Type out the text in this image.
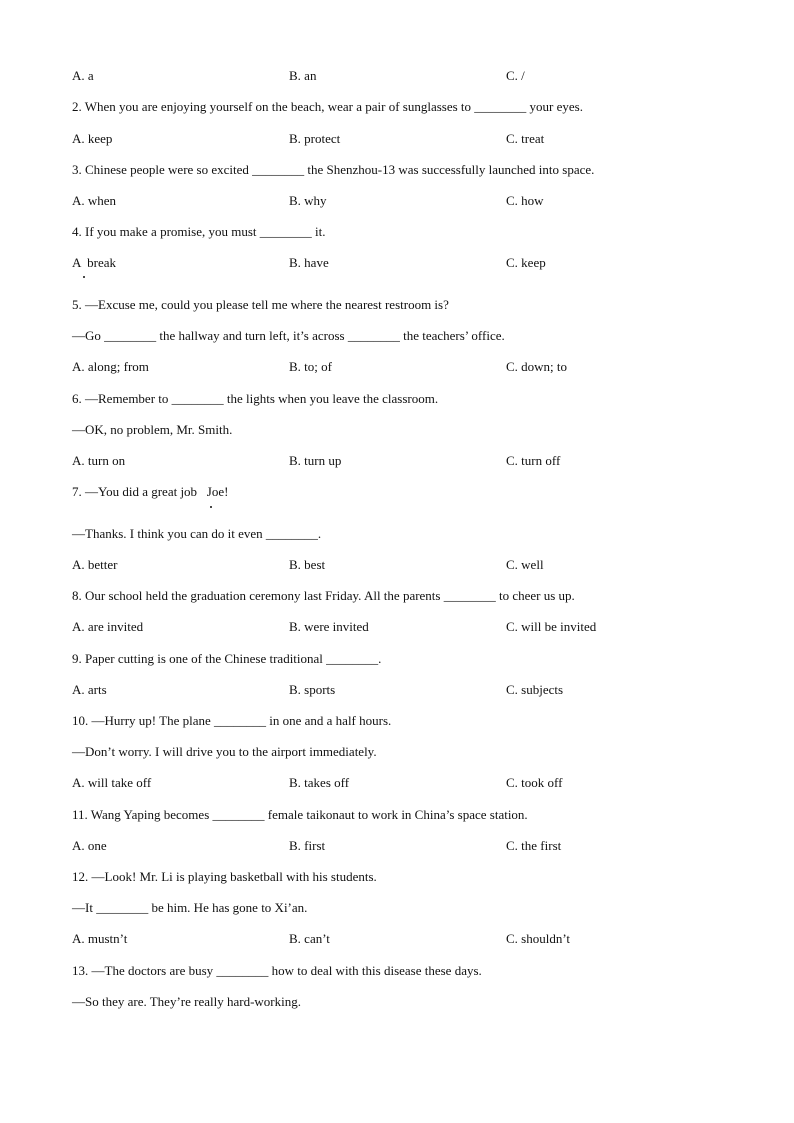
A. a

	B. an

	C. /

2. When you are enjoying yourself on the beach, wear a pair of sunglasses to ________ your eyes.

A. keep

	B. protect

	C. treat

3. Chinese people were so excited ________ the Shenzhou-13 was successfully launched into space.

A. when

	B. why

	C. how

4. If you make a promise, you must ________ it.

A  break

	B. have

	C. keep

5. —Excuse me, could you please tell me where the nearest restroom is?
—Go ________ the hallway and turn left, it’s across ________ the teachers’ office.

A. along; from

	B. to; of

	C. down; to

6. —Remember to ________ the lights when you leave the classroom.
—OK, no problem, Mr. Smith.

A. turn on

	B. turn up

	C. turn off

7. —You did a great job   Joe!
—Thanks. I think you can do it even ________.

A. better

	B. best

	C. well

8. Our school held the graduation ceremony last Friday. All the parents ________ to cheer us up.

A. are invited

	B. were invited

	C. will be invited

9. Paper cutting is one of the Chinese traditional ________.

A. arts

	B. sports

	C. subjects

10. —Hurry up! The plane ________ in one and a half hours.
—Don’t worry. I will drive you to the airport immediately.

A. will take off

	B. takes off

	C. took off

11. Wang Yaping becomes ________ female taikonaut to work in China’s space station.

A. one

	B. first

	C. the first

12. —Look! Mr. Li is playing basketball with his students.
—It ________ be him. He has gone to Xi’an.

A. mustn’t

	B. can’t

	C. shouldn’t

13. —The doctors are busy ________ how to deal with this disease these days.
—So they are. They’re really hard-working.
